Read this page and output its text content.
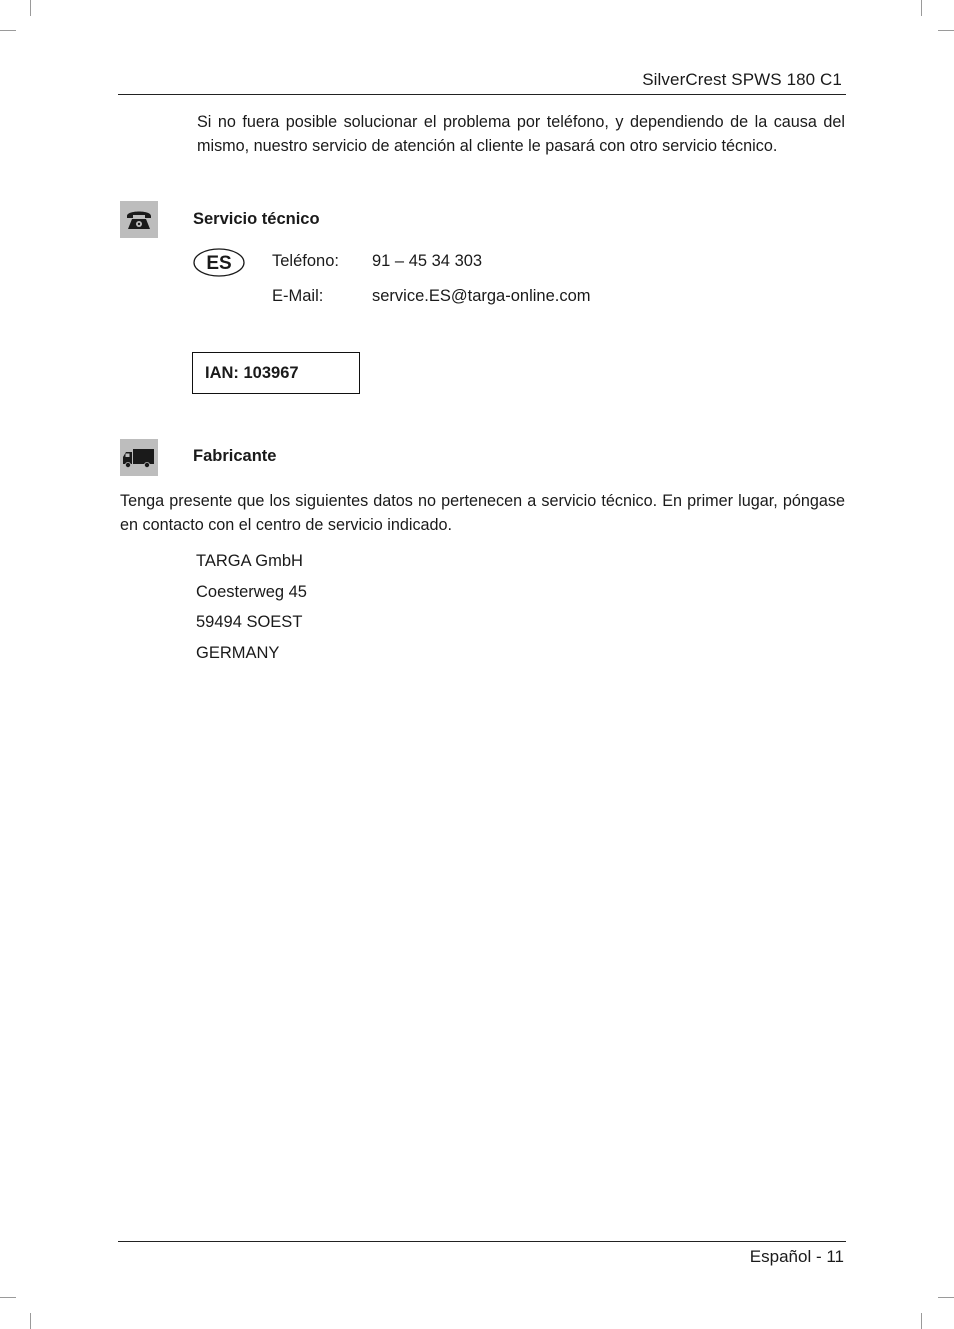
SilverCrest SPWS 180 C1
Si no fuera posible solucionar el problema por teléfono, y dependiendo de la causa del mismo, nuestro servicio de atención al cliente le pasará con otro servicio técnico.
Servicio técnico
ES Teléfono: 91 – 45 34 303
E-Mail:	service.ES@targa-online.com
IAN: 103967
Fabricante
Tenga presente que los siguientes datos no pertenecen a servicio técnico. En primer lugar, póngase en contacto con el centro de servicio indicado.
TARGA GmbH
Coesterweg 45
59494 SOEST
GERMANY
Español - 11
